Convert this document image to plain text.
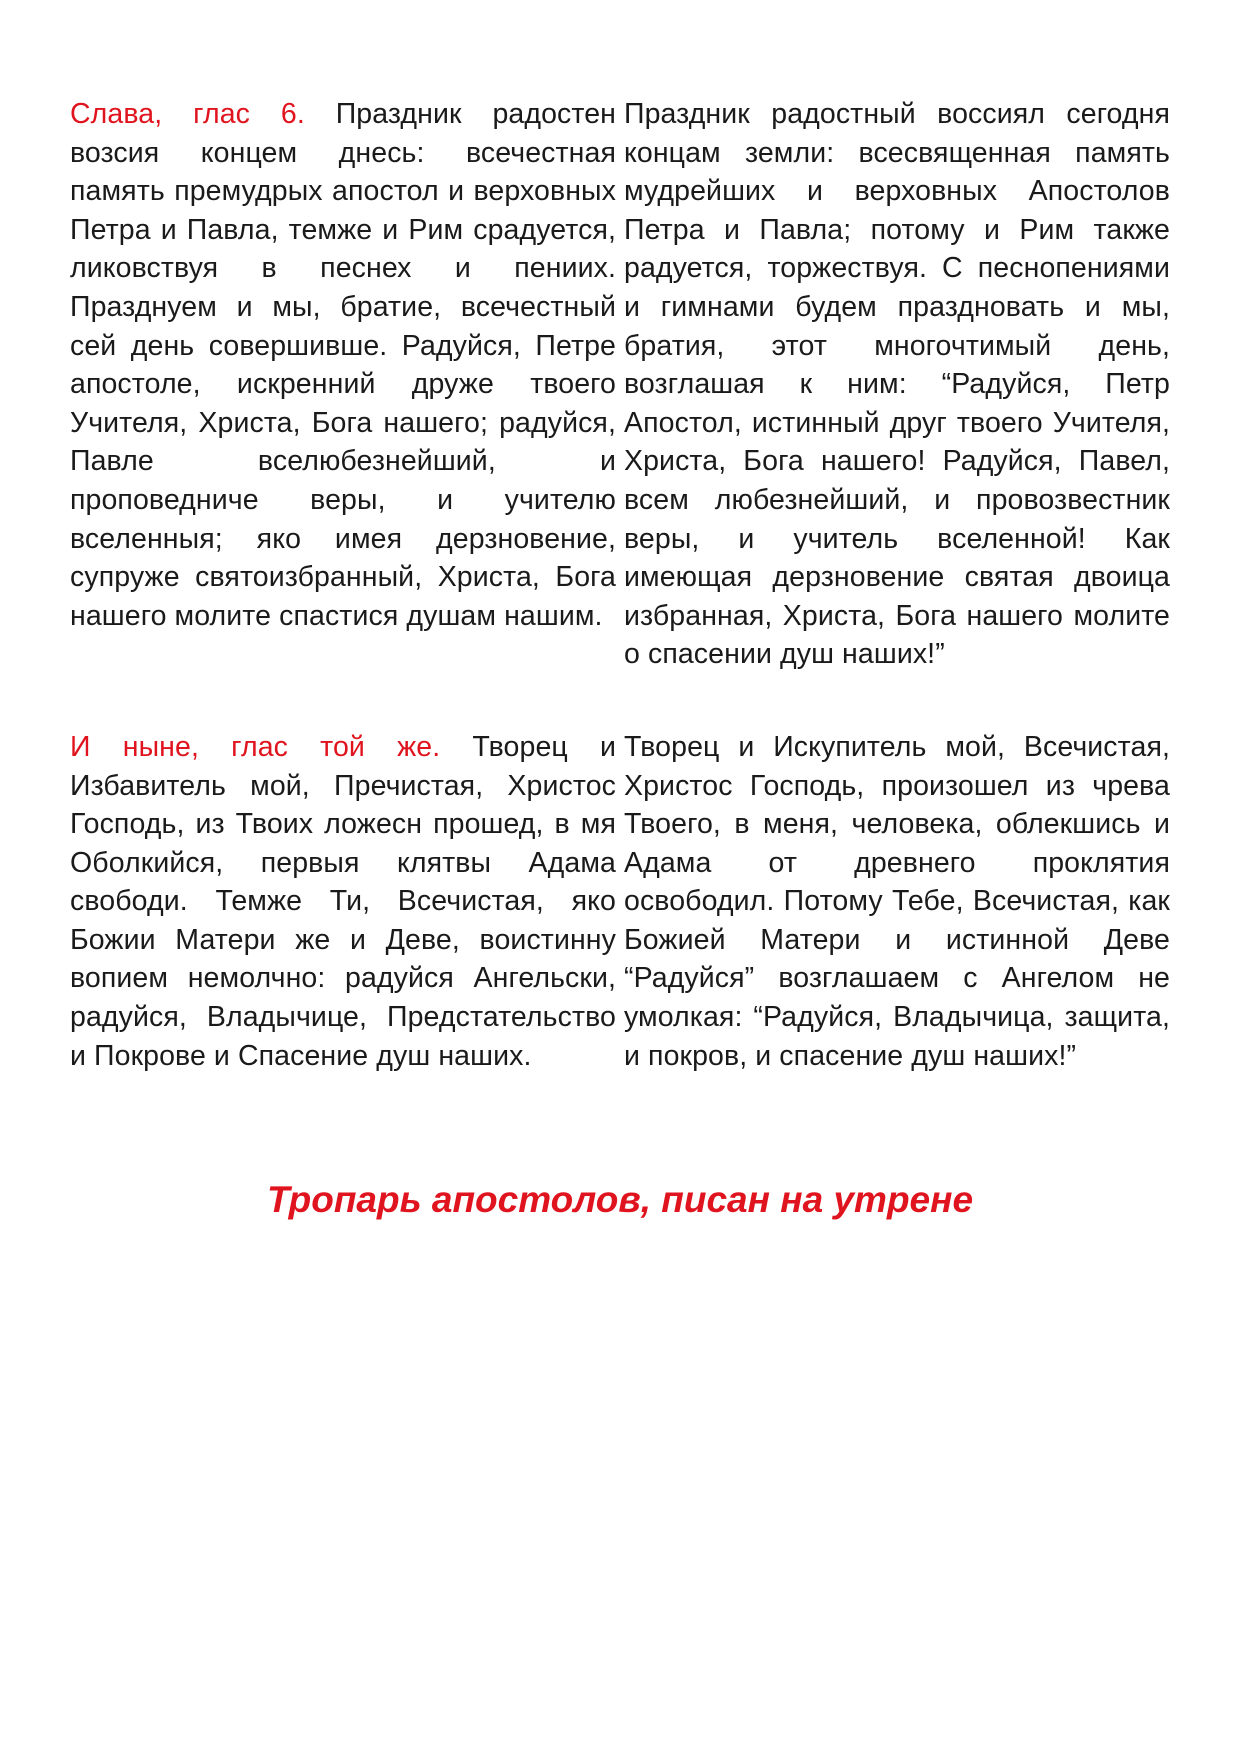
Слава, глас 6. Праздник радостен возсия концем днесь: всечестная память премудрых апостол и верховных Петра и Павла, темже и Рим срадуется, ликовствуя в песнех и пениих. Празднуем и мы, братие, всечестный сей день совершивше. Радуйся, Петре апостоле, искренний друже твоего Учителя, Христа, Бога нашего; радуйся, Павле вселюбезнейший, и проповедниче веры, и учителю вселенныя; яко имея дерзновение, супруже святоизбранный, Христа, Бога нашего молите спастися душам нашим.

Праздник радостный воссиял сегодня концам земли: всесвященная память мудрейших и верховных Апостолов Петра и Павла; потому и Рим также радуется, торжествуя. С песнопениями и гимнами будем праздновать и мы, братия, этот многочтимый день, возглашая к ним: “Радуйся, Петр Апостол, истинный друг твоего Учителя, Христа, Бога нашего! Радуйся, Павел, всем любезнейший, и провозвестник веры, и учитель вселенной! Как имеющая дерзновение святая двоица избранная, Христа, Бога нашего молите о спасении душ наших!”

И ныне, глас той же. Творец и Избавитель мой, Пречистая, Христос Господь, из Твоих ложесн прошед, в мя Оболкийся, первыя клятвы Адама свободи. Темже Ти, Всечистая, яко Божии Матери же и Деве, воистинну вопием немолчно: радуйся Ангельски, радуйся, Владычице, Предстательство и Покрове и Спасение душ наших.

Творец и Искупитель мой, Всечистая, Христос Господь, произошел из чрева Твоего, в меня, человека, облекшись и Адама от древнего проклятия освободил. Потому Тебе, Всечистая, как Божией Матери и истинной Деве “Радуйся” возглашаем с Ангелом не умолкая: “Радуйся, Владычица, защита, и покров, и спасение душ наших!”

Тропарь апостолов, писан на утрене
